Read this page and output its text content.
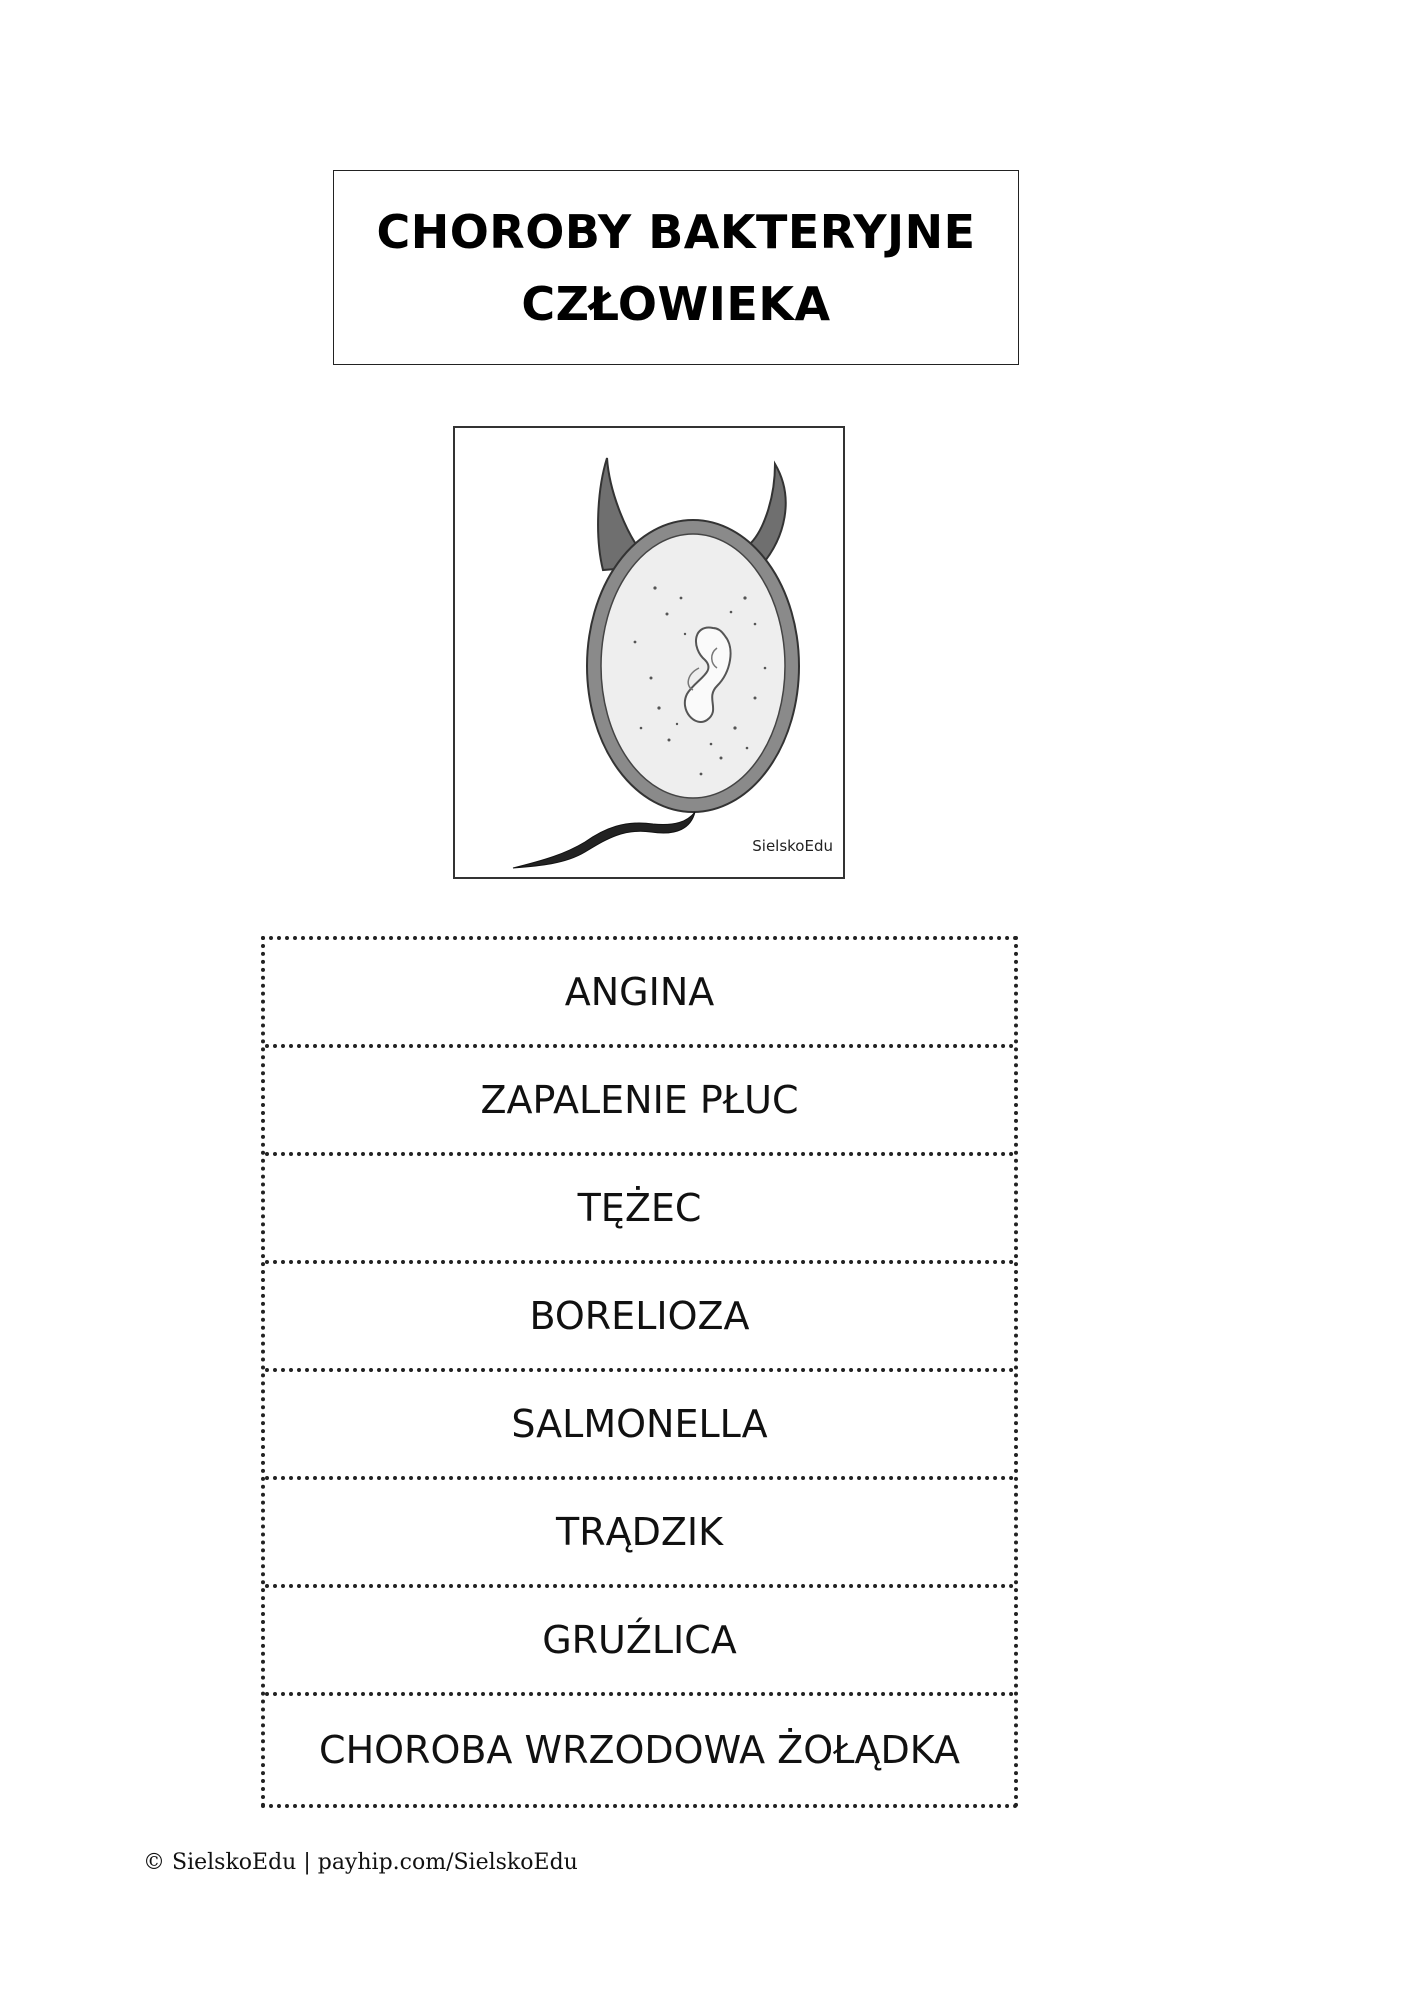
CHOROBY BAKTERYJNE
CZŁOWIEKA
SielskoEdu
ANGINA
ZAPALENIE PŁUC
TĘŻEC
BORELIOZA
SALMONELLA
TRĄDZIK
GRUŹLICA
CHOROBA WRZODOWA ŻOŁĄDKA
© SielskoEdu | payhip.com/SielskoEdu
